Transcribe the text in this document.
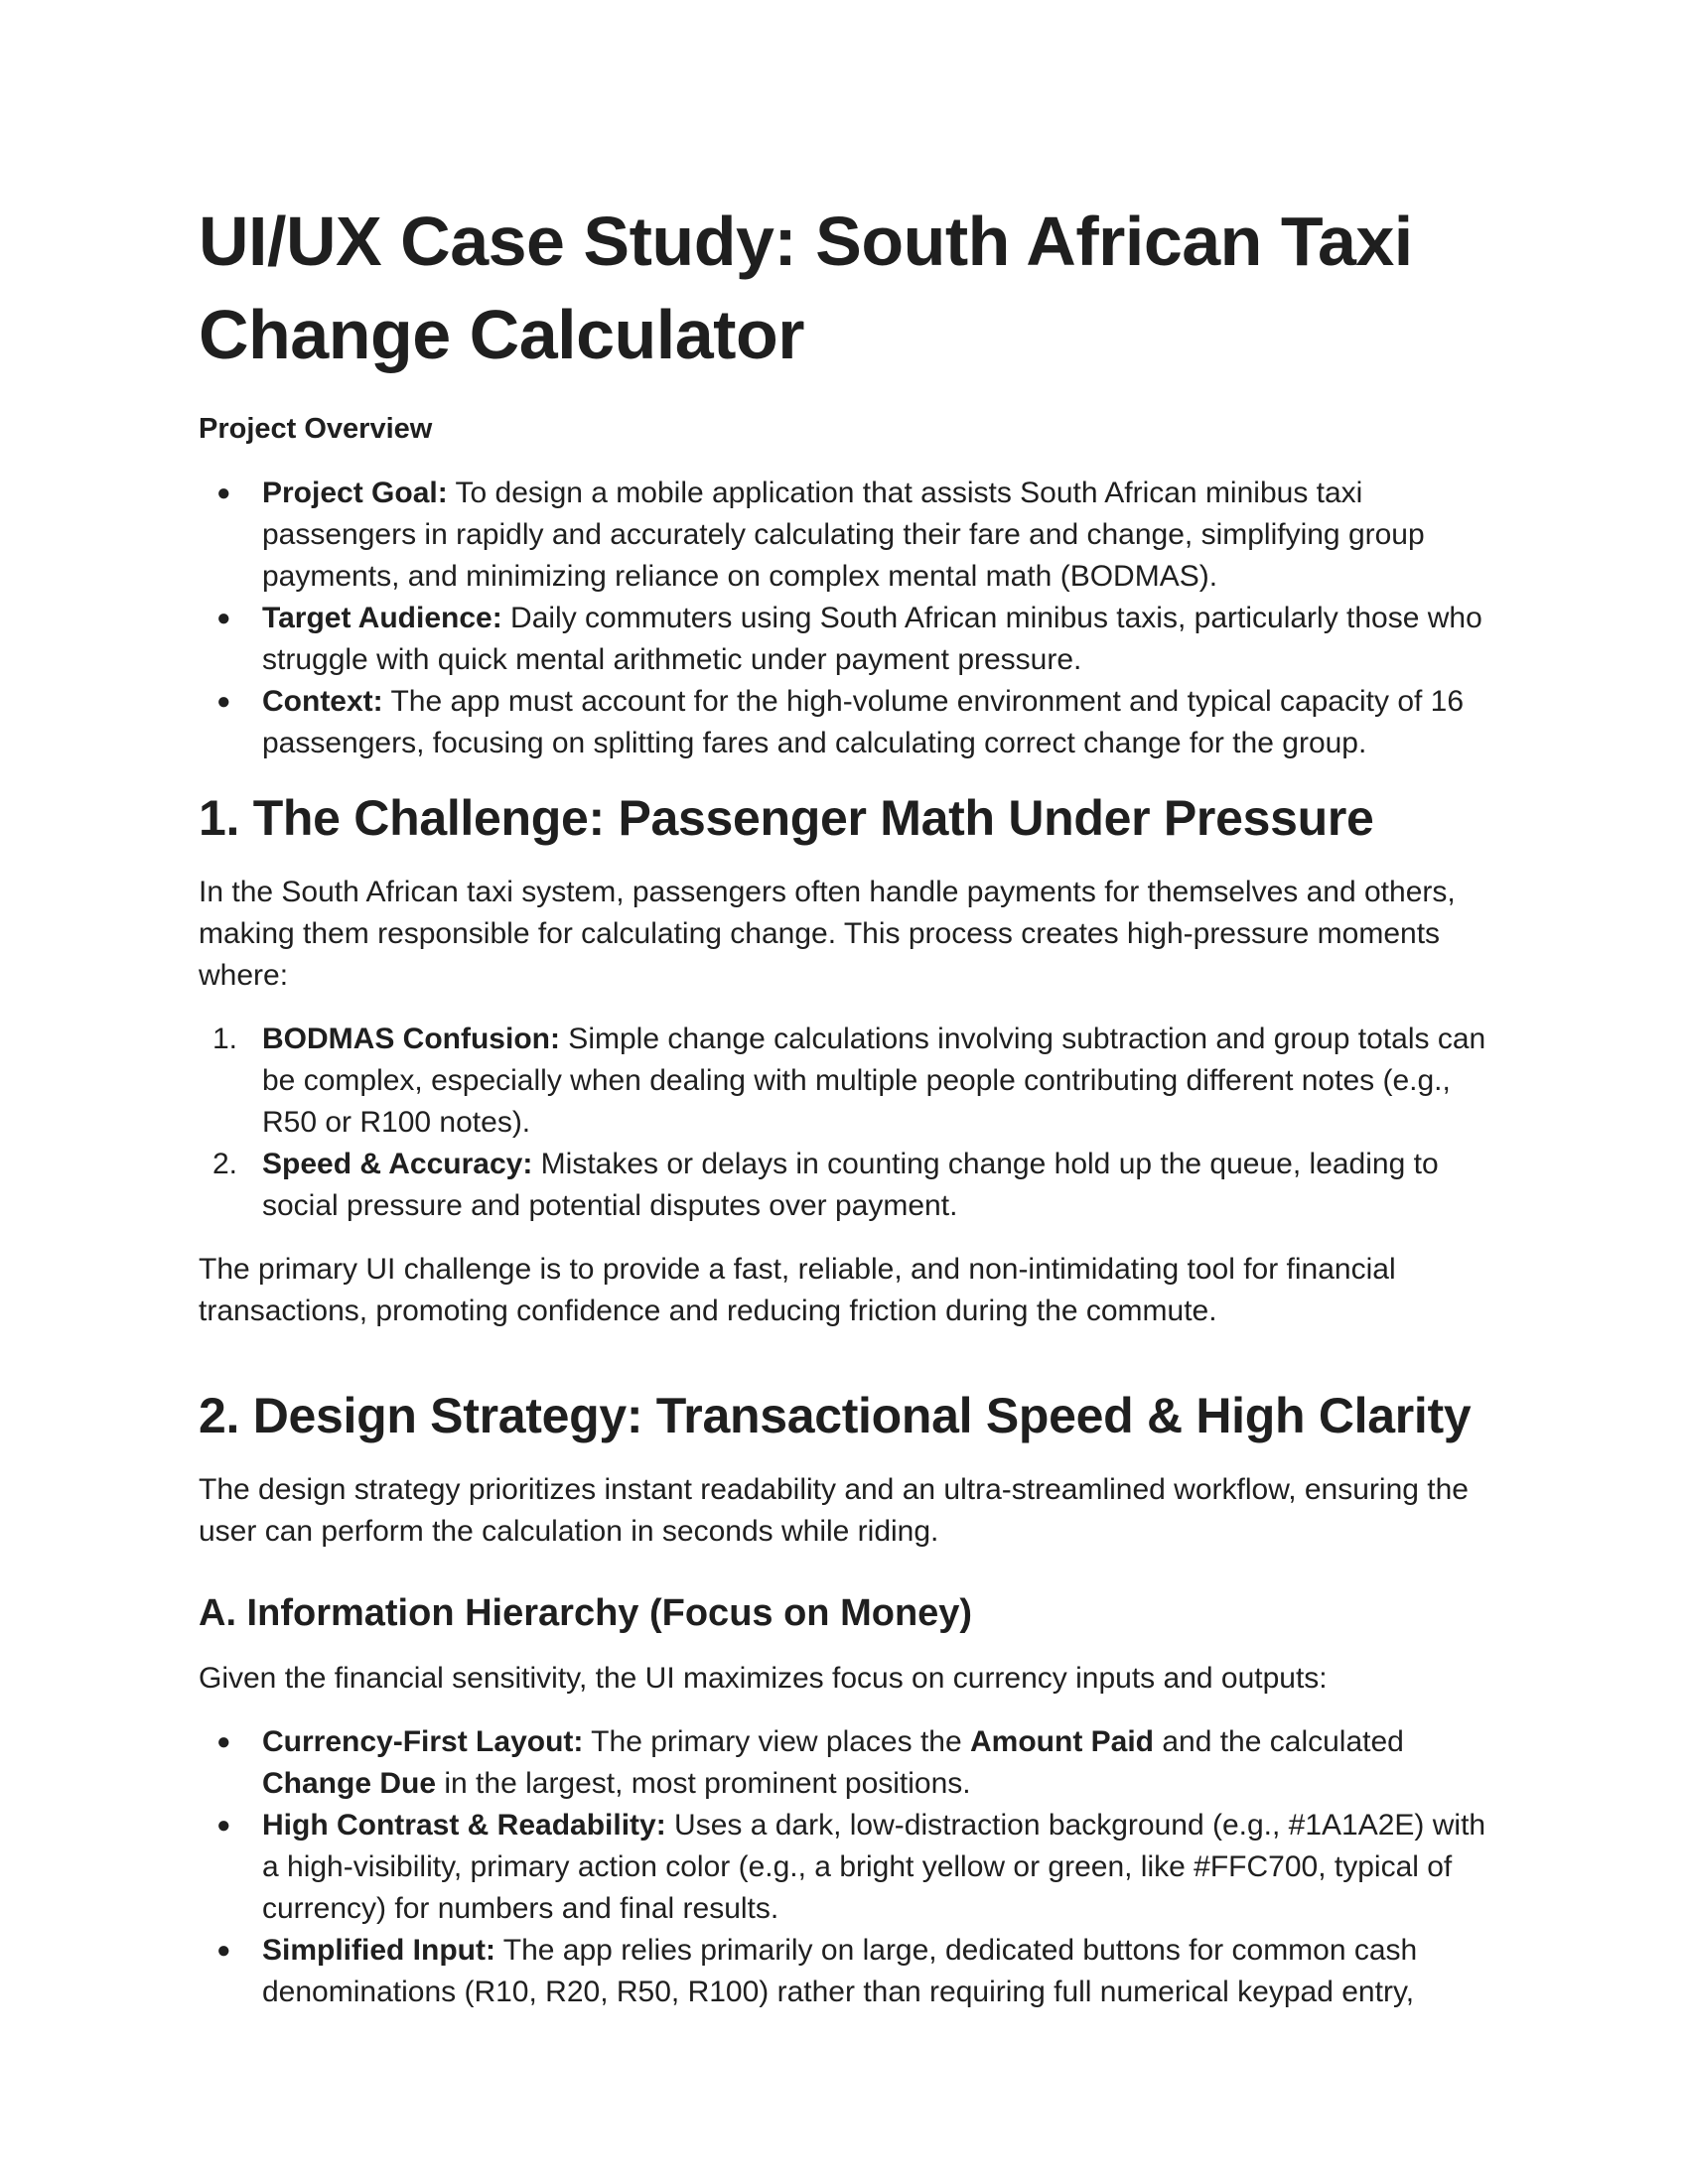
UI/UX Case Study: South African Taxi
Change Calculator
Project Overview
● Project Goal: To design a mobile application that assists South African minibus taxi passengers in rapidly and accurately calculating their fare and change, simplifying group payments, and minimizing reliance on complex mental math (BODMAS).
● Target Audience: Daily commuters using South African minibus taxis, particularly those who struggle with quick mental arithmetic under payment pressure.
● Context: The app must account for the high-volume environment and typical capacity of 16 passengers, focusing on splitting fares and calculating correct change for the group.
1. The Challenge: Passenger Math Under Pressure

In the South African taxi system, passengers often handle payments for themselves and others, making them responsible for calculating change. This process creates high-pressure moments where:

1. BODMAS Confusion: Simple change calculations involving subtraction and group totals can be complex, especially when dealing with multiple people contributing different notes (e.g., R50 or R100 notes).
2. Speed & Accuracy: Mistakes or delays in counting change hold up the queue, leading to social pressure and potential disputes over payment.

The primary UI challenge is to provide a fast, reliable, and non-intimidating tool for financial transactions, promoting confidence and reducing friction during the commute.

2. Design Strategy: Transactional Speed & High Clarity

The design strategy prioritizes instant readability and an ultra-streamlined workflow, ensuring the user can perform the calculation in seconds while riding.

A. Information Hierarchy (Focus on Money)

Given the financial sensitivity, the UI maximizes focus on currency inputs and outputs:

● Currency-First Layout: The primary view places the Amount Paid and the calculated Change Due in the largest, most prominent positions.
● High Contrast & Readability: Uses a dark, low-distraction background (e.g., #1A1A2E) with a high-visibility, primary action color (e.g., a bright yellow or green, like #FFC700, typical of currency) for numbers and final results.
● Simplified Input: The app relies primarily on large, dedicated buttons for common cash denominations (R10, R20, R50, R100) rather than requiring full numerical keypad entry,
